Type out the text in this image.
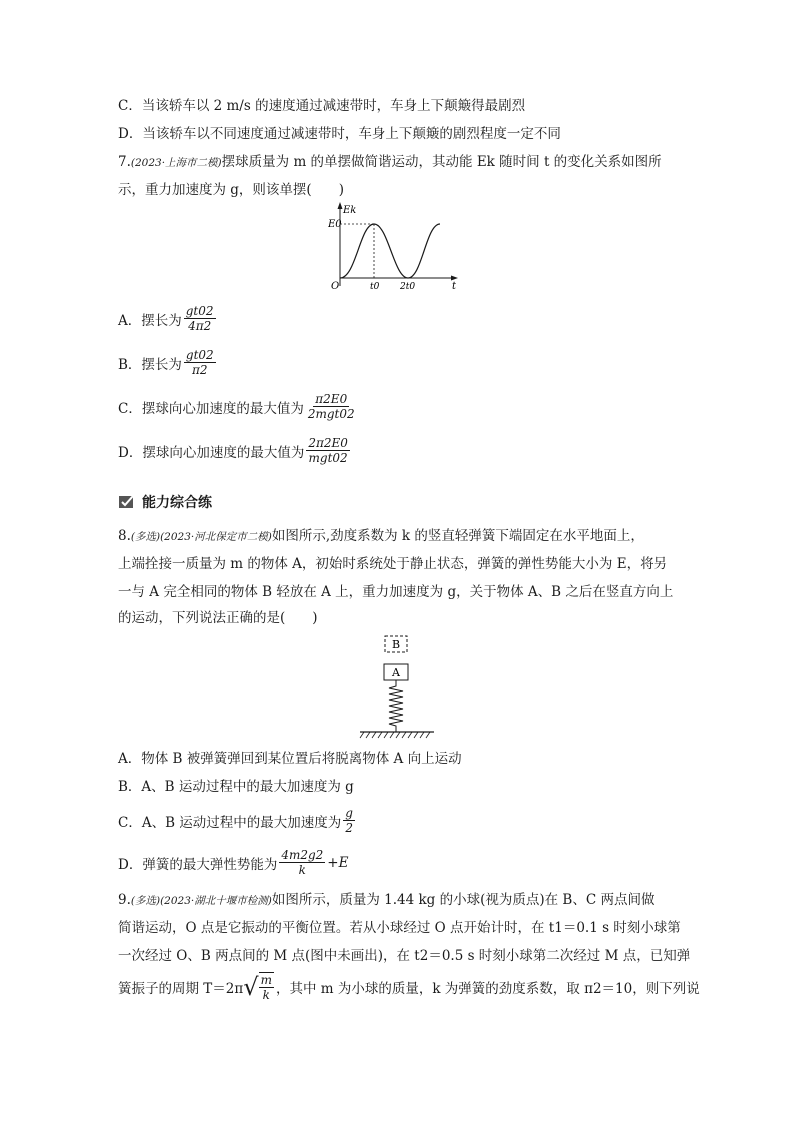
C．当该轿车以 2 m/s 的速度通过减速带时，车身上下颠簸得最剧烈
D．当该轿车以不同速度通过减速带时，车身上下颠簸的剧烈程度一定不同
7.(2023·上海市二模)摆球质量为 m 的单摆做简谐运动，其动能 Ek 随时间 t 的变化关系如图所
示，重力加速度为 g，则该单摆(　　)
Ek
E0
O	t0 2t0	t
A．摆长为 $\frac{gt02}{4\pi 2}$
B．摆长为 $\frac{gt02}{\pi 2}$
C．摆球向心加速度的最大值为 $\frac{\pi 2E0}{\text{2mgt02}}$
D．摆球向心加速度的最大值为 $\frac{2\pi 2E0}{\text{mgt02}}$
能力综合练
8.(多选)(2023·河北保定市二模)如图所示,劲度系数为 k 的竖直轻弹簧下端固定在水平地面上，
上端拴接一质量为 m 的物体 A，初始时系统处于静止状态，弹簧的弹性势能大小为 E，将另
一与 A 完全相同的物体 B 轻放在 A 上，重力加速度为 g，关于物体 A、B 之后在竖直方向上
的运动，下列说法正确的是(　　)
B
A
A．物体 B 被弹簧弹回到某位置后将脱离物体 A 向上运动
B．A、B 运动过程中的最大加速度为 g
C．A、B 运动过程中的最大加速度为 $\frac{g}{2}$
D．弹簧的最大弹性势能为 $\frac{4m2g2}{k} +E$
9.(多选)(2023·湖北十堰市检测)如图所示，质量为 1.44 kg 的小球(视为质点)在 B、C 两点间做
简谐运动，O 点是它振动的平衡位置。若从小球经过 O 点开始计时，在 t1＝0.1 s 时刻小球第
一次经过 O、B 两点间的 M 点(图中未画出)，在 t2＝0.5 s 时刻小球第二次经过 M 点，已知弹
簧振子的周期 T＝2π √ $\frac{m}{k}$ ，其中 m 为小球的质量，k 为弹簧的劲度系数，取 π2＝10，则下列说
